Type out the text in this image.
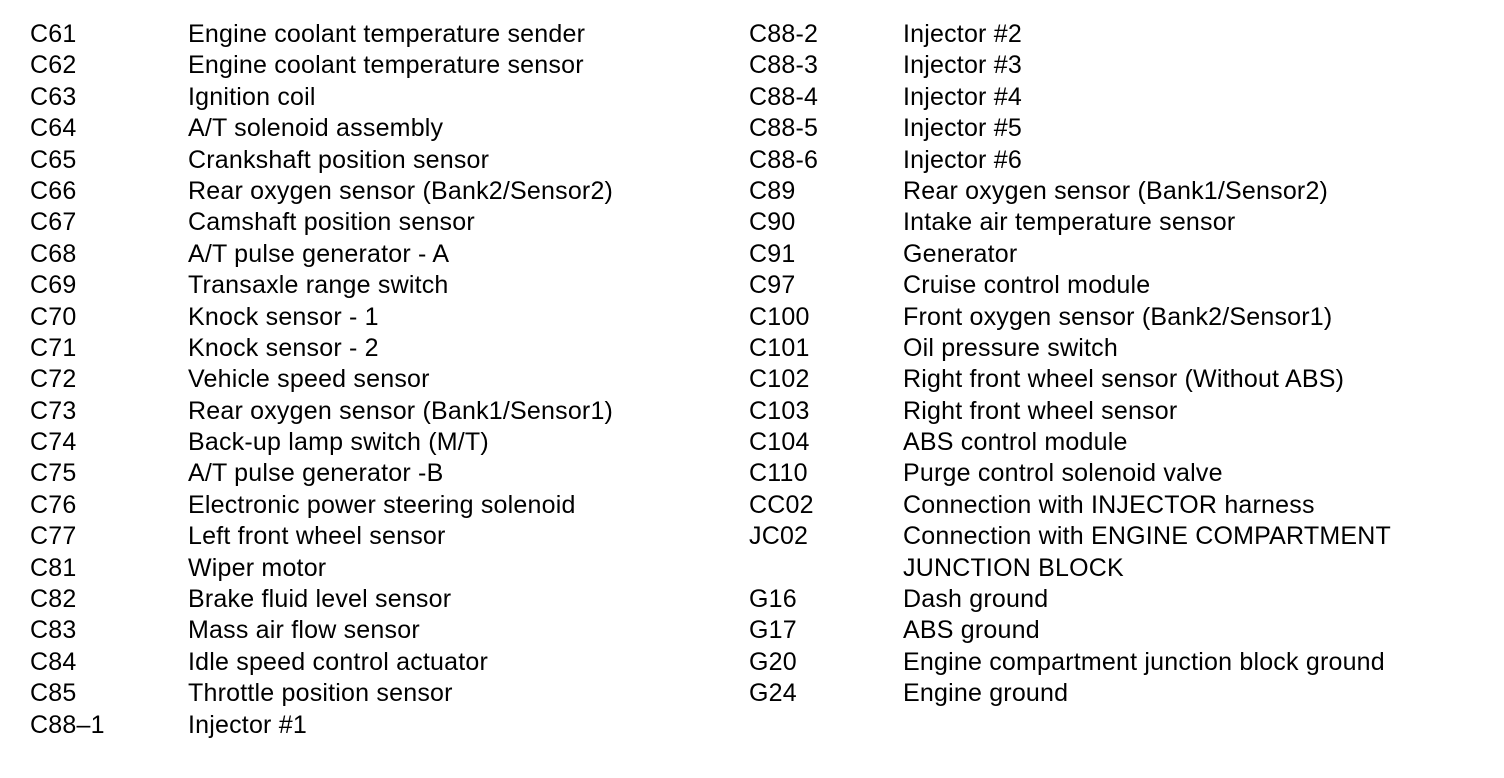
C61	Engine coolant temperature sender
C62	Engine coolant temperature sensor
C63	Ignition coil
C64	A/T solenoid assembly
C65	Crankshaft position sensor
C66	Rear oxygen sensor (Bank2/Sensor2)
C67	Camshaft position sensor
C68	A/T pulse generator - A
C69	Transaxle range switch
C70	Knock sensor - 1
C71	Knock sensor - 2
C72	Vehicle speed sensor
C73	Rear oxygen sensor (Bank1/Sensor1)
C74	Back-up lamp switch (M/T)
C75	A/T pulse generator -B
C76	Electronic power steering solenoid
C77	Left front wheel sensor
C81	Wiper motor
C82	Brake fluid level sensor
C83	Mass air flow sensor
C84	Idle speed control actuator
C85	Throttle position sensor
C88–1	Injector #1
C88-2	Injector #2
C88-3	Injector #3
C88-4	Injector #4
C88-5	Injector #5
C88-6	Injector #6
C89	Rear oxygen sensor (Bank1/Sensor2)
C90	Intake air temperature sensor
C91	Generator
C97	Cruise control module
C100	Front oxygen sensor (Bank2/Sensor1)
C101	Oil pressure switch
C102	Right front wheel sensor (Without ABS)
C103	Right front wheel sensor
C104	ABS control module
C110	Purge control solenoid valve
CC02	Connection with INJECTOR harness
JC02	Connection with ENGINE COMPARTMENT
JUNCTION BLOCK
G16	Dash ground
G17	ABS ground
G20	Engine compartment junction block ground
G24	Engine ground
